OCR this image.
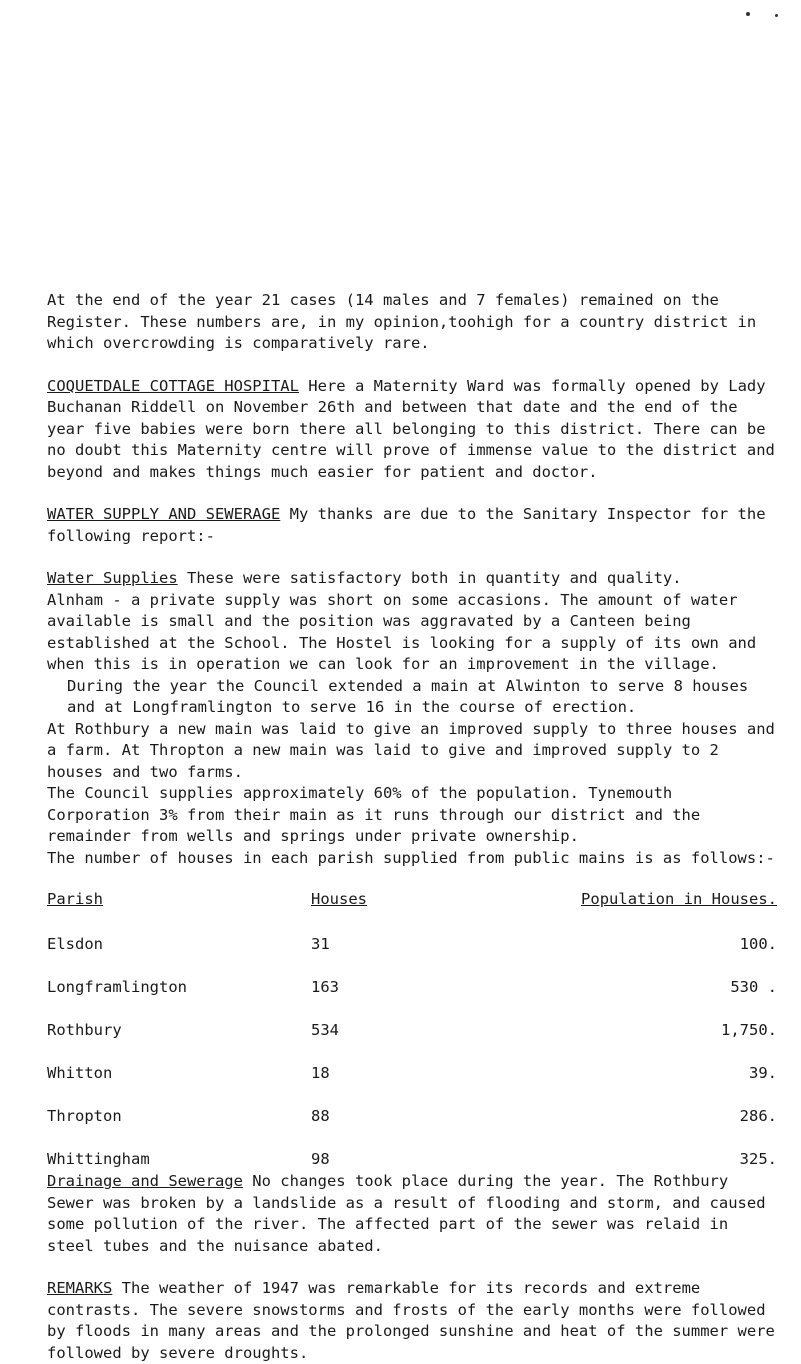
At the end of the year 21 cases (14 males and 7 females) remained on the Register. These numbers are, in my opinion,toohigh for a country district in which overcrowding is comparatively rare.

COQUETDALE COTTAGE HOSPITAL Here a Maternity Ward was formally opened by Lady Buchanan Riddell on November 26th and between that date and the end of the year five babies were born there all belonging to this district. There can be no doubt this Maternity centre will prove of immense value to the district and beyond and makes things much easier for patient and doctor.

WATER SUPPLY AND SEWERAGE My thanks are due to the Sanitary Inspector for the following report:-

Water Supplies These were satisfactory both in quantity and quality.

Alnham - a private supply was short on some accasions. The amount of water available is small and the position was aggravated by a Canteen being established at the School. The Hostel is looking for a supply of its own and when this is in operation we can look for an improvement in the village.

During the year the Council extended a main at Alwinton to serve 8 houses and at Longframlington to serve 16 in the course of erection.

At Rothbury a new main was laid to give an improved supply to three houses and a farm. At Thropton a new main was laid to give and improved supply to 2 houses and two farms.

The Council supplies approximately 60% of the population. Tynemouth Corporation 3% from their main as it runs through our district and the remainder from wells and springs under private ownership.

The number of houses in each parish supplied from public mains is as follows:-

Parish	Houses	Population in Houses.
Elsdon	31	100.
Longframlington	163	530 .
Rothbury	534	1,750.
Whitton	18	39.
Thropton	88	286.
Whittingham	98	325.

Drainage and Sewerage No changes took place during the year. The Rothbury Sewer was broken by a landslide as a result of flooding and storm, and caused some pollution of the river. The affected part of the sewer was relaid in steel tubes and the nuisance abated.

REMARKS The weather of 1947 was remarkable for its records and extreme contrasts. The severe snowstorms and frosts of the early months were followed by floods in many areas and the prolonged sunshine and heat of the summer were followed by severe droughts.
